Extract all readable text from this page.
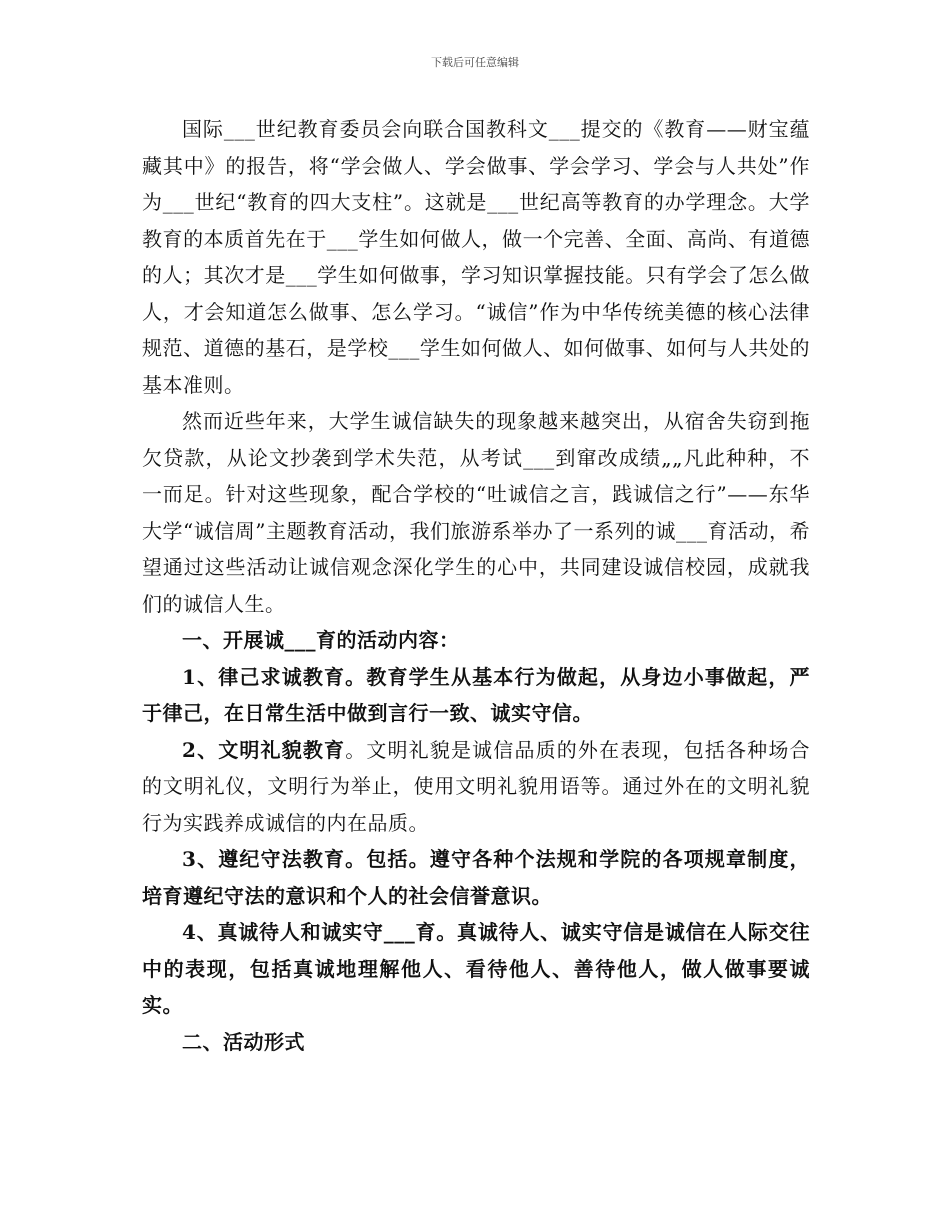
下载后可任意编辑

国际___世纪教育委员会向联合国教科文___提交的《教育——财宝蕴藏其中》的报告，将“学会做人、学会做事、学会学习、学会与人共处”作为___世纪“教育的四大支柱”。这就是___世纪高等教育的办学理念。大学教育的本质首先在于___学生如何做人，做一个完善、全面、高尚、有道德的人；其次才是___学生如何做事，学习知识掌握技能。只有学会了怎么做人，才会知道怎么做事、怎么学习。“诚信”作为中华传统美德的核心法律规范、道德的基石，是学校___学生如何做人、如何做事、如何与人共处的基本准则。

然而近些年来，大学生诚信缺失的现象越来越突出，从宿舍失窃到拖欠贷款，从论文抄袭到学术失范，从考试___到窜改成绩„„凡此种种，不一而足。针对这些现象，配合学校的“吐诚信之言，践诚信之行”——东华大学“诚信周”主题教育活动，我们旅游系举办了一系列的诚___育活动，希望通过这些活动让诚信观念深化学生的心中，共同建设诚信校园，成就我们的诚信人生。

一、开展诚___育的活动内容：

1、律己求诚教育。教育学生从基本行为做起，从身边小事做起，严于律己，在日常生活中做到言行一致、诚实守信。

2、文明礼貌教育。文明礼貌是诚信品质的外在表现，包括各种场合的文明礼仪，文明行为举止，使用文明礼貌用语等。通过外在的文明礼貌行为实践养成诚信的内在品质。

3、遵纪守法教育。包括。遵守各种个法规和学院的各项规章制度，培育遵纪守法的意识和个人的社会信誉意识。

4、真诚待人和诚实守___育。真诚待人、诚实守信是诚信在人际交往中的表现，包括真诚地理解他人、看待他人、善待他人，做人做事要诚实。

二、活动形式
